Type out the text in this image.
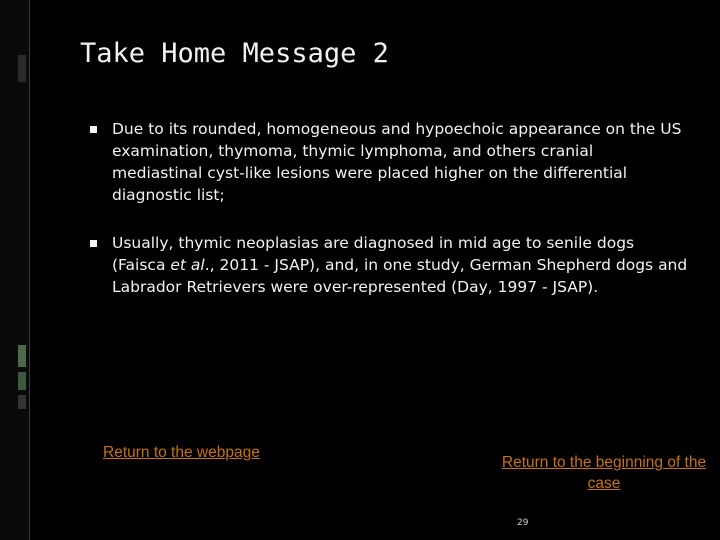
Take Home Message 2
Due to its rounded, homogeneous and hypoechoic appearance on the US examination, thymoma, thymic lymphoma, and others cranial mediastinal cyst-like lesions were placed higher on the differential diagnostic list;
Usually, thymic neoplasias are diagnosed in mid age to senile dogs (Faisca et al., 2011 - JSAP), and, in one study, German Shepherd dogs and Labrador Retrievers were over-represented (Day, 1997 - JSAP).
Return to the webpage
Return to the beginning of the case
29
